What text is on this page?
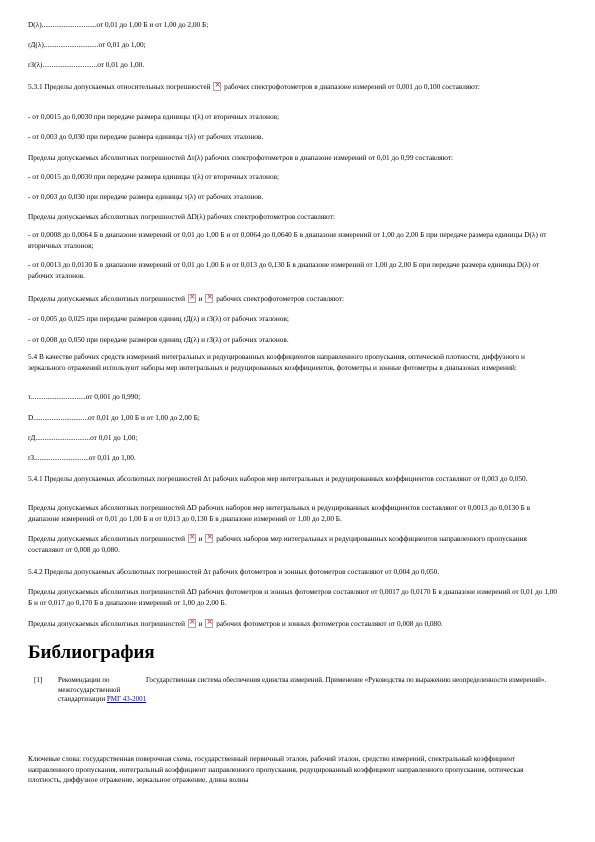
D(λ)..............................от 0,01 до 1,00 Б и от 1,00 до 2,00 Б;

rД(λ)..............................от 0,01 до 1,00;

rЗ(λ)..............................от 0,01 до 1,00.

5.3.1 Пределы допускаемых относительных погрешностей × рабочих спектрофотометров в диапазоне измерений от 0,001 до 0,100 составляют:

- от 0,0015 до 0,0030 при передаче размера единицы τ(λ) от вторичных эталонов;

- от 0,003 до 0,030 при передаче размера единицы τ(λ) от рабочих эталонов.

Пределы допускаемых абсолютных погрешностей Δτ(λ) рабочих спектрофотометров в диапазоне измерений от 0,01 до 0,99 составляют:

- от 0,0015 до 0,0030 при передаче размера единицы τ(λ) от вторичных эталонов;

- от 0,003 до 0,030 при передаче размера единицы τ(λ) от рабочих эталонов.

Пределы допускаемых абсолютных погрешностей ΔD(λ) рабочих спектрофотометров составляют:

- от 0,0008 до 0,0064 Б в диапазоне измерений от 0,01 до 1,00 Б и от 0,0064 до 0,0640 Б в диапазоне измерений от 1,00 до 2,00 Б при передаче размера единицы D(λ) от вторичных эталонов;

- от 0,0013 до 0,0130 Б в диапазоне измерений от 0,01 до 1,00 Б и от 0,013 до 0,130 Б в диапазоне измерений от 1,00 до 2,00 Б при передаче размера единицы D(λ) от рабочих эталонов.

Пределы допускаемых абсолютных погрешностей × и × рабочих спектрофотометров составляют:

- от 0,005 до 0,025 при передаче размеров единиц rД(λ) и rЗ(λ) от рабочих эталонов;

- от 0,008 до 0,050 при передаче размеров единиц rД(λ) и rЗ(λ) от рабочих эталонов.

5.4 В качестве рабочих средств измерений интегральных и редуцированных коэффициентов направленного пропускания, оптической плотности, диффузного и зеркального отражений используют наборы мер интегральных и редуцированных коэффициентов, фотометры и зонные фотометры в диапазонах измерений:

τ..............................от 0,001 до 0,990;

D..............................от 0,01 до 1,00 Б и от 1,00 до 2,00 Б;

rД..............................от 0,01 до 1,00;

rЗ..............................от 0,01 до 1,00.

5.4.1 Пределы допускаемых абсолютных погрешностей Δτ рабочих наборов мер интегральных и редуцированных коэффициентов составляют от 0,003 до 0,050.

Пределы допускаемых абсолютных погрешностей ΔD рабочих наборов мер интегральных и редуцированных коэффициентов составляют от 0,0013 до 0,0130 Б в диапазоне измерений от 0,01 до 1,00 Б и от 0,013 до 0,130 Б в диапазоне измерений от 1,00 до 2,00 Б.

Пределы допускаемых абсолютных погрешностей × и × рабочих наборов мер интегральных и редуцированных коэффициентов направленного пропускания составляют от 0,008 до 0,080.

5.4.2 Пределы допускаемых абсолютных погрешностей Δτ рабочих фотометров и зонных фотометров составляют от 0,004 до 0,050.

Пределы допускаемых абсолютных погрешностей ΔD рабочих фотометров и зонных фотометров составляют от 0,0017 до 0,0170 Б в диапазоне измерений от 0,01 до 1,00 Б и от 0,017 до 0,170 Б в диапазоне измерений от 1,00 до 2,00 Б.

Пределы допускаемых абсолютных погрешностей × и × рабочих фотометров и зонных фотометров составляют от 0,008 до 0,080.

Библиография
[1] Рекомендации по межгосударственной стандартизации РМГ 43-2001
Государственная система обеспечения единства измерений. Применение «Руководства по выражению неопределенности измерений».

Ключевые слова: государственная поверочная схема, государственный первичный эталон, рабочий эталон, средство измерений, спектральный коэффициент направленного пропускания, интегральный коэффициент направленного пропускания, редуцированный коэффициент направленного пропускания, оптическая плотность, диффузное отражение, зеркальное отражение, длина волны
